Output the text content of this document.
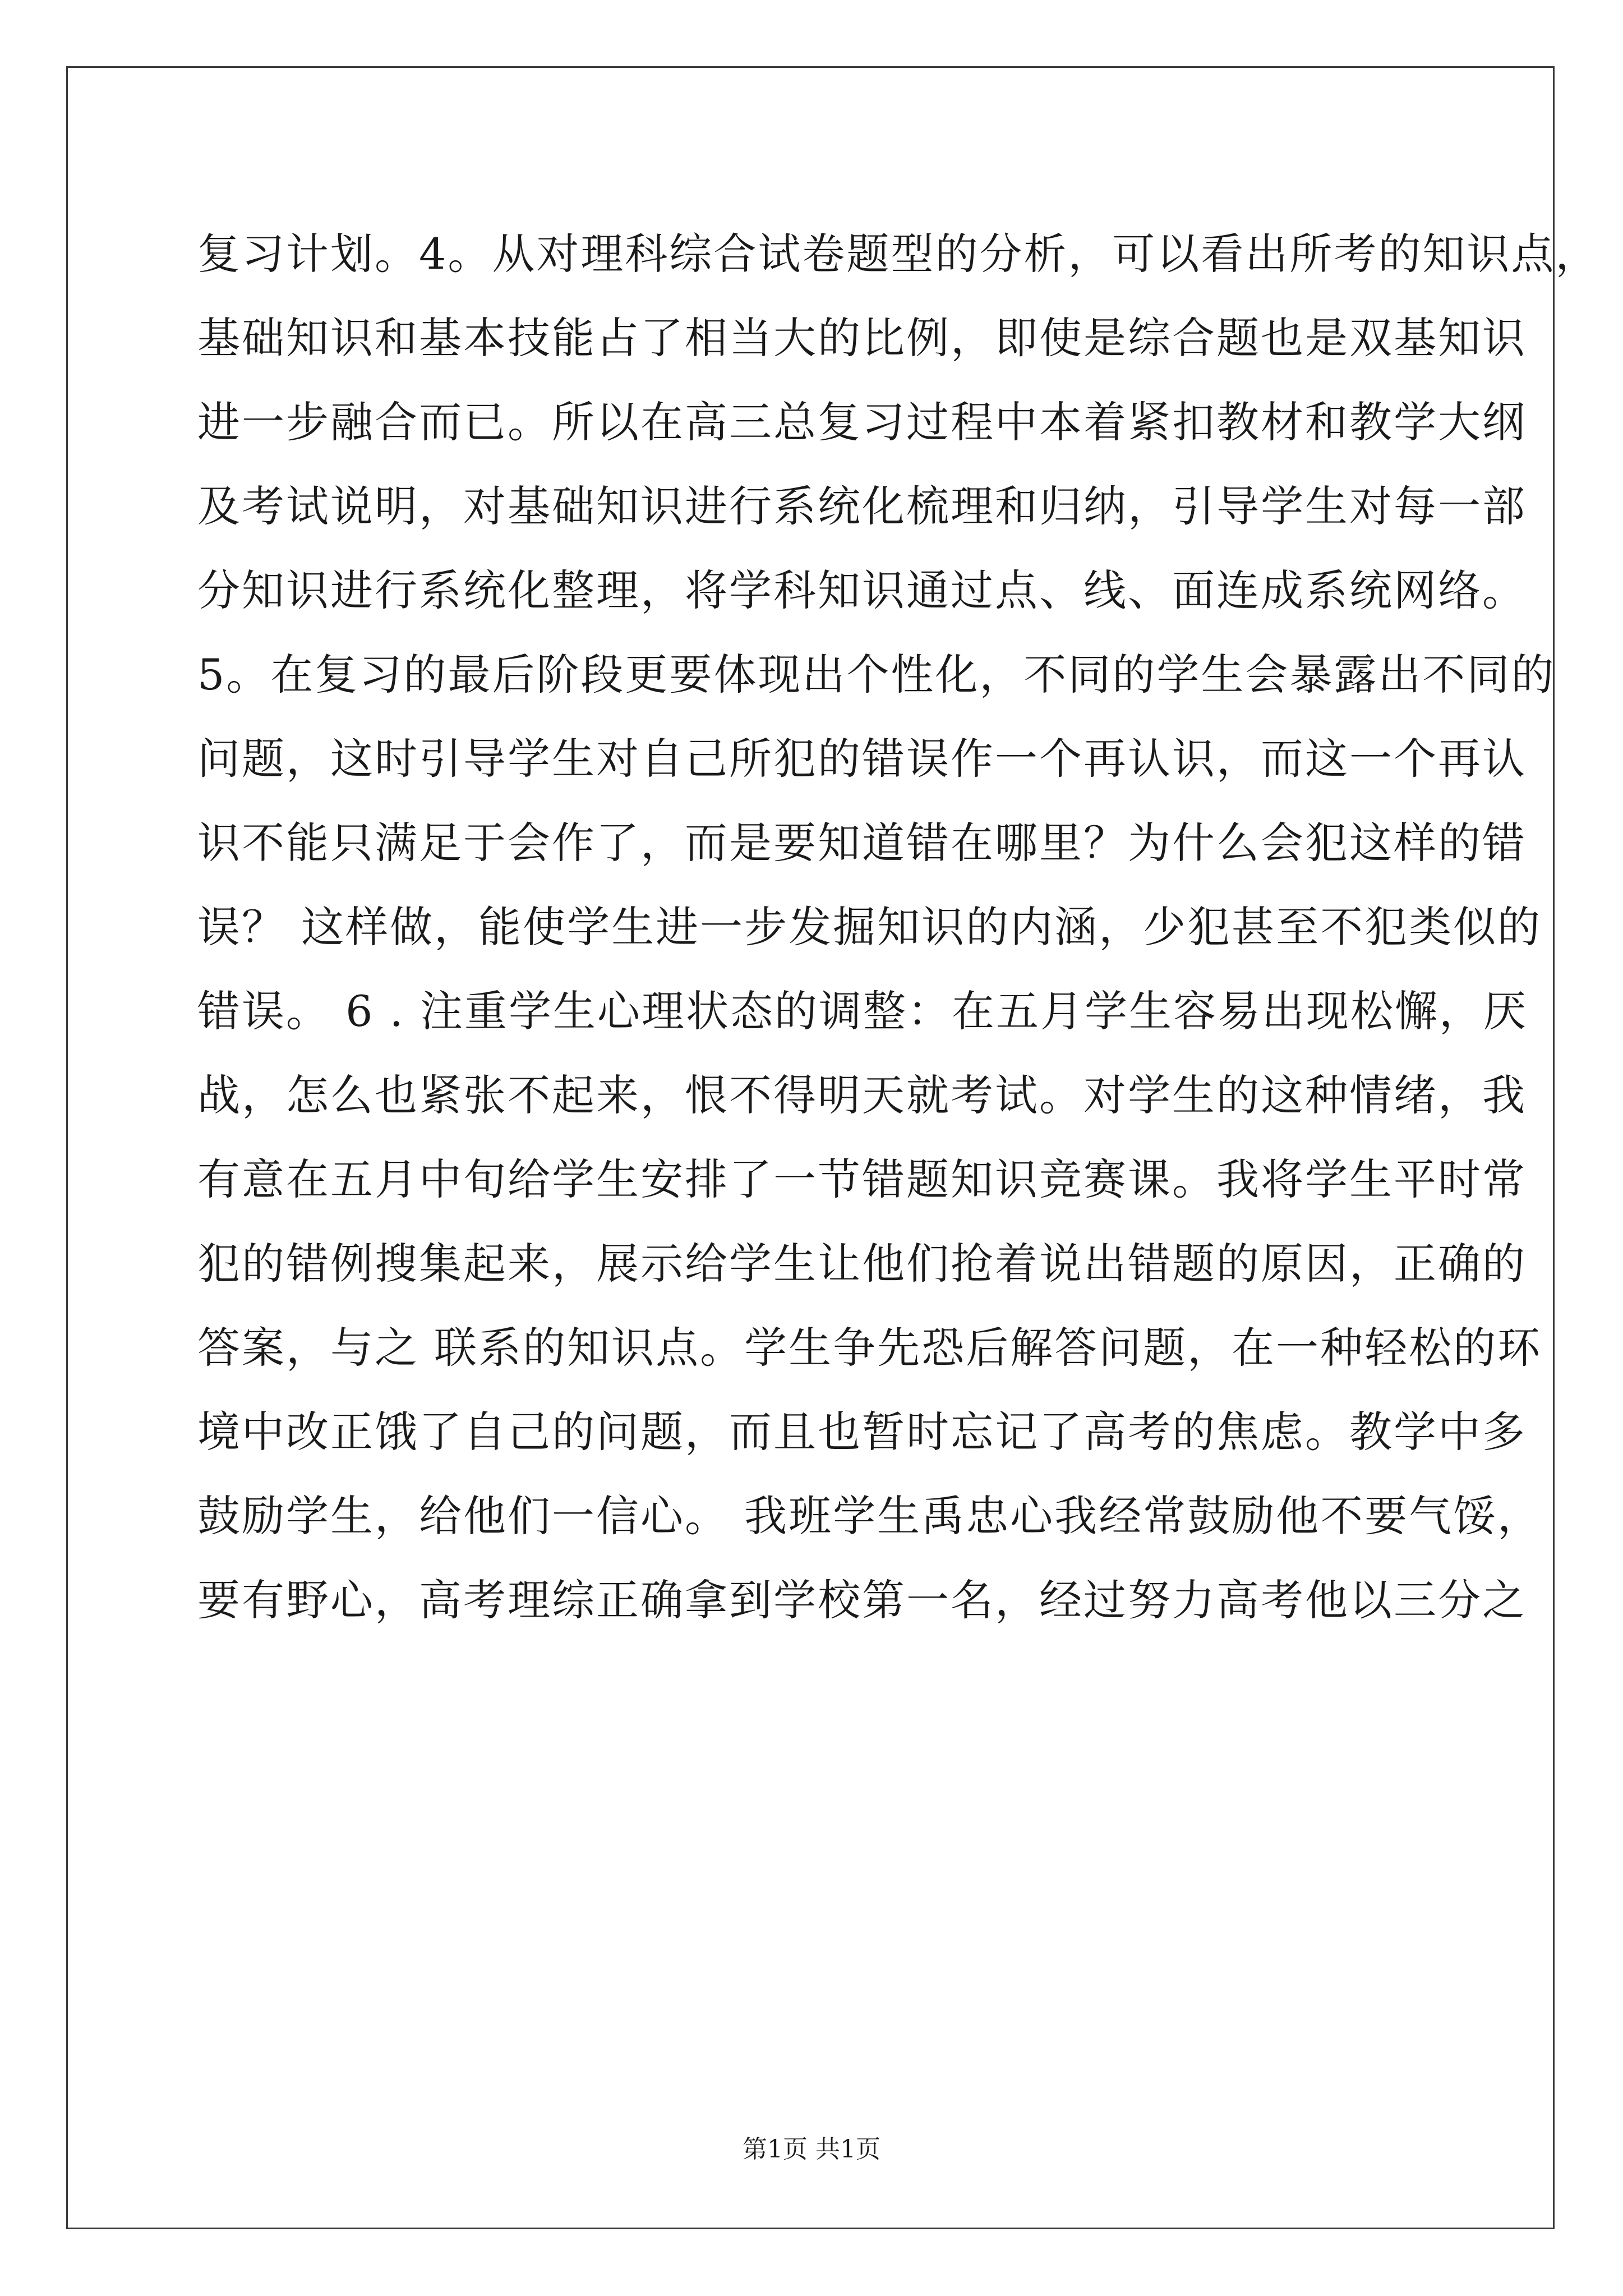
复习计划。4。从对理科综合试卷题型的分析，可以看出所考的知识点，
基础知识和基本技能占了相当大的比例，即使是综合题也是双基知识
进一步融合而已。所以在高三总复习过程中本着紧扣教材和教学大纲
及考试说明，对基础知识进行系统化梳理和归纳，引导学生对每一部
分知识进行系统化整理，将学科知识通过点、线、面连成系统网络。
5。在复习的最后阶段更要体现出个性化，不同的学生会暴露出不同的
问题，这时引导学生对自己所犯的错误作一个再认识，而这一个再认
识不能只满足于会作了，而是要知道错在哪里？为什么会犯这样的错
误？ 这样做，能使学生进一步发掘知识的内涵，少犯甚至不犯类似的
错误。 6 . 注重学生心理状态的调整：在五月学生容易出现松懈，厌
战，怎么也紧张不起来，恨不得明天就考试。对学生的这种情绪，我
有意在五月中旬给学生安排了一节错题知识竞赛课。我将学生平时常
犯的错例搜集起来，展示给学生让他们抢着说出错题的原因，正确的
答案，与之 联系的知识点。学生争先恐后解答问题，在一种轻松的环
境中改正饿了自己的问题，而且也暂时忘记了高考的焦虑。教学中多
鼓励学生，给他们一信心。 我班学生禹忠心我经常鼓励他不要气馁，
要有野心，高考理综正确拿到学校第一名，经过努力高考他以三分之
第1页 共1页
